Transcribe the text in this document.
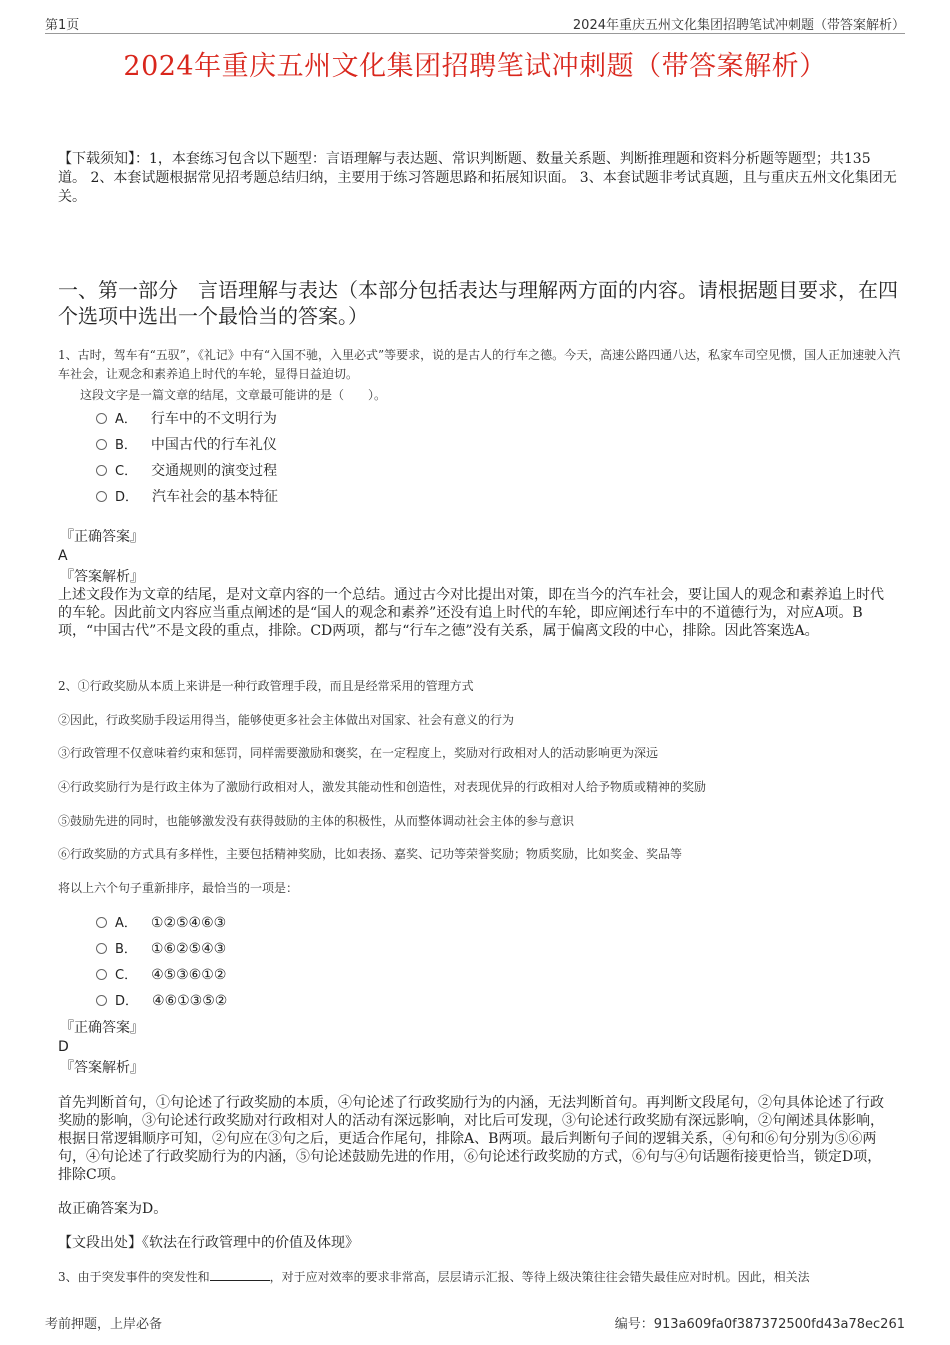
第1页	2024年重庆五州文化集团招聘笔试冲刺题（带答案解析）
2024年重庆五州文化集团招聘笔试冲刺题（带答案解析）
【下载须知】：1，本套练习包含以下题型：言语理解与表达题、常识判断题、数量关系题、判断推理题和资料分析题等题型；共135道。 2、本套试题根据常见招考题总结归纳，主要用于练习答题思路和拓展知识面。 3、本套试题非考试真题，且与重庆五州文化集团无关。
一、第一部分　言语理解与表达（本部分包括表达与理解两方面的内容。请根据题目要求，在四个选项中选出一个最恰当的答案。）
1、古时，驾车有“五驭”，《礼记》中有“入国不驰，入里必式”等要求，说的是古人的行车之德。今天，高速公路四通八达，私家车司空见惯，国人正加速驶入汽车社会，让观念和素养追上时代的车轮，显得日益迫切。
这段文字是一篇文章的结尾，文章最可能讲的是（　　）。
A． 行车中的不文明行为
B． 中国古代的行车礼仪
C． 交通规则的演变过程
D． 汽车社会的基本特征
『正确答案』
A
『答案解析』
上述文段作为文章的结尾，是对文章内容的一个总结。通过古今对比提出对策，即在当今的汽车社会，要让国人的观念和素养追上时代的车轮。因此前文内容应当重点阐述的是“国人的观念和素养”还没有追上时代的车轮，即应阐述行车中的不道德行为，对应A项。B项，“中国古代”不是文段的重点，排除。CD两项，都与“行车之德”没有关系，属于偏离文段的中心，排除。因此答案选A。
2、①行政奖励从本质上来讲是一种行政管理手段，而且是经常采用的管理方式
②因此，行政奖励手段运用得当，能够使更多社会主体做出对国家、社会有意义的行为
③行政管理不仅意味着约束和惩罚，同样需要激励和褒奖，在一定程度上，奖励对行政相对人的活动影响更为深远
④行政奖励行为是行政主体为了激励行政相对人，激发其能动性和创造性，对表现优异的行政相对人给予物质或精神的奖励
⑤鼓励先进的同时，也能够激发没有获得鼓励的主体的积极性，从而整体调动社会主体的参与意识
⑥行政奖励的方式具有多样性，主要包括精神奖励，比如表扬、嘉奖、记功等荣誉奖励；物质奖励，比如奖金、奖品等
将以上六个句子重新排序，最恰当的一项是：
A． ①②⑤④⑥③
B． ①⑥②⑤④③
C． ④⑤③⑥①②
D． ④⑥①③⑤②
『正确答案』
D
『答案解析』
首先判断首句，①句论述了行政奖励的本质，④句论述了行政奖励行为的内涵，无法判断首句。再判断文段尾句，②句具体论述了行政奖励的影响，③句论述行政奖励对行政相对人的活动有深远影响，对比后可发现，③句论述行政奖励有深远影响，②句阐述具体影响，根据日常逻辑顺序可知，②句应在③句之后，更适合作尾句，排除A、B两项。最后判断句子间的逻辑关系，④句和⑥句分别为⑤⑥两句，④句论述了行政奖励行为的内涵，⑤句论述鼓励先进的作用，⑥句论述行政奖励的方式，⑥句与④句话题衔接更恰当，锁定D项，排除C项。
故正确答案为D。
【文段出处】《软法在行政管理中的价值及体现》
3、由于突发事件的突发性和	，对于应对效率的要求非常高，层层请示汇报、等待上级决策往往会错失最佳应对时机。因此，相关法
考前押题，上岸必备	编号：913a609fa0f387372500fd43a78ec261
